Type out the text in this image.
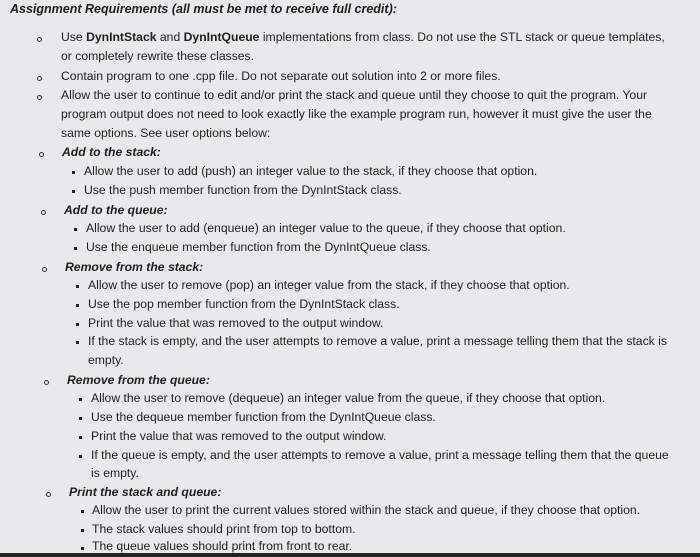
Assignment Requirements (all must be met to receive full credit):
Use DynIntStack and DynIntQueue implementations from class. Do not use the STL stack or queue templates,
or completely rewrite these classes.
Contain program to one .cpp file. Do not separate out solution into 2 or more files.
Allow the user to continue to edit and/or print the stack and queue until they choose to quit the program. Your
program output does not need to look exactly like the example program run, however it must give the user the
same options. See user options below:
Add to the stack:
Allow the user to add (push) an integer value to the stack, if they choose that option.
Use the push member function from the DynIntStack class.
Add to the queue:
Allow the user to add (enqueue) an integer value to the queue, if they choose that option.
Use the enqueue member function from the DynIntQueue class.
Remove from the stack:
Allow the user to remove (pop) an integer value from the stack, if they choose that option.
Use the pop member function from the DynIntStack class.
Print the value that was removed to the output window.
If the stack is empty, and the user attempts to remove a value, print a message telling them that the stack is
empty.
Remove from the queue:
Allow the user to remove (dequeue) an integer value from the queue, if they choose that option.
Use the dequeue member function from the DynIntQueue class.
Print the value that was removed to the output window.
If the queue is empty, and the user attempts to remove a value, print a message telling them that the queue
is empty.
Print the stack and queue:
Allow the user to print the current values stored within the stack and queue, if they choose that option.
The stack values should print from top to bottom.
The queue values should print from front to rear.
